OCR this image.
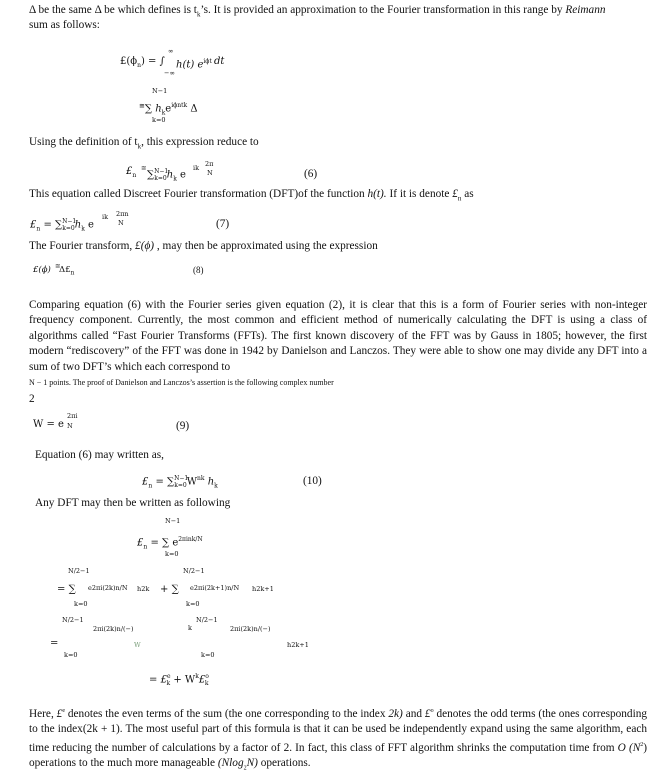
Δ be the same Δ be which defines is $t_k’s$. It is provided an approximation to the Fourier transformation in this range by Reimann
sum as follows:
∞
$£(\phi_n)$ = ∫ h(t) $e^{i\phi t}$ dt
−∞
N−1
≅∑ $h_ke^{i\phi ntk}$ Δ
k=0
Using the definition of $t_k$, this expression reduce to
2π
$£_n$
≅
$\sum^{N-1}_{k=0}h_k$ e
ik
N	(6)
This equation called Discreet Fourier transformation (DFT)of the function h(t). If it is denote $£_n$ as
2πn
$£_n = \sum^{N-1}_{k=0}h_k$ e
ik
N	(7)
The Fourier transform, £(ϕ) , may then be approximated using the expression
£(ϕ) ≅
$\Delta£_n$	(8)
Comparing equation (6) with the Fourier series given equation (2), it is clear that this is a form of Fourier series with non-integer frequency component. Currently, the most common and efficient method of numerically calculating the DFT is using a class of algorithms called “Fast Fourier Transforms (FFTs). The first known discovery of the FFT was by Gauss in 1805; however, the first modern “rediscovery” of the FFT was done in 1942 by Danielson and Lanczos. They were able to show one may divide any DFT into a sum of two DFT’s which each correspond to
N − 1 points. The proof of Danielson and Lanczos’s assertion is the following complex number
2
2πi
W = e N	(9)
Equation (6) may written as,
$£_n = \sum^{N-1}_{k=0}W^{nk}$ $h_k$	(10)
Any DFT may then be written as following
N−1
$£_n$ = ∑ $e^{2\pi ink/N}$
k=0
N/2−1	N/2−1
= ∑ e2πi(2k)n/N h2k + ∑ e2πi(2k+1)n/N h2k+1
k=0	k=0
N/2−1	N/2−1
k
2πi(2k)n/(−)	2πi(2k)n/(−)
=	W	h2k+1
k=0	k=0
= £$^e_k$ + $W^k£^o_k$
Here, £$^e$ denotes the even terms of the sum (the one corresponding to the index 2k) and £$^o$ denotes the odd terms (the ones corresponding to the index(2k + 1). The most useful part of this formula is that it can be used be independently expand using the same algorithm, each time reducing the number of calculations by a factor of 2. In fact, this class of FFT algorithm shrinks the computation time from O $(N^2)$ operations to the much more manageable (Nlog$_2$N) operations.
